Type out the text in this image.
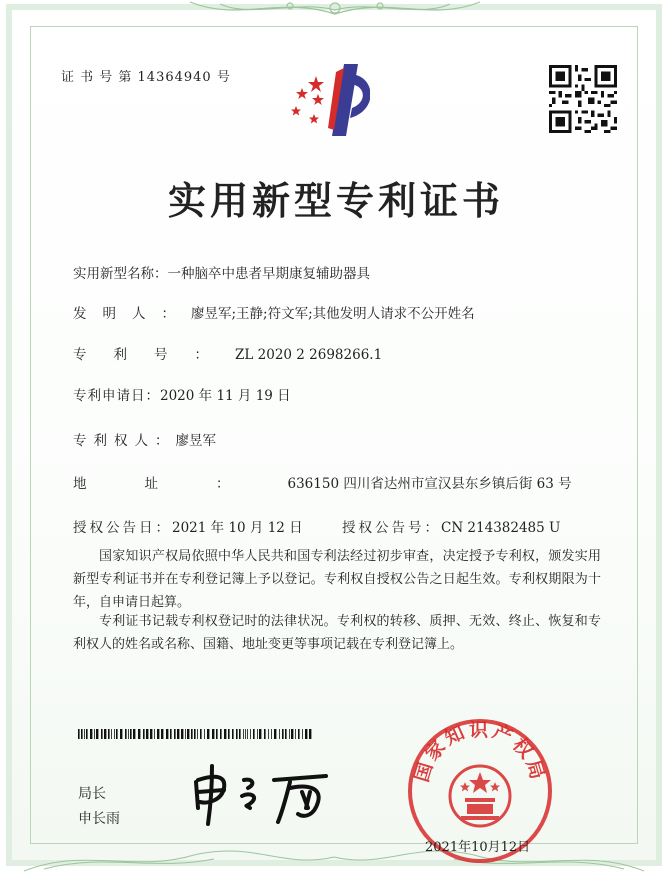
证 书 号 第 14364940 号
实用新型专利证书
实用新型名称：一种脑卒中患者早期康复辅助器具
发明人：廖昱军;王静;符文军;其他发明人请求不公开姓名
专利号：ZL 2020 2 2698266.1
专利申请日：2020 年 11 月 19 日
专利权人：廖昱军
地址：636150 四川省达州市宣汉县东乡镇后街 63 号
授权公告日：2021 年 10 月 12 日	授权公告号：CN 214382485 U
国家知识产权局依照中华人民共和国专利法经过初步审查，决定授予专利权，颁发实用新型专利证书并在专利登记簿上予以登记。专利权自授权公告之日起生效。专利权期限为十年，自申请日起算。
专利证书记载专利权登记时的法律状况。专利权的转移、质押、无效、终止、恢复和专利权人的姓名或名称、国籍、地址变更等事项记载在专利登记簿上。
局长
申长雨
国家知识产权局
2021年10月12日
